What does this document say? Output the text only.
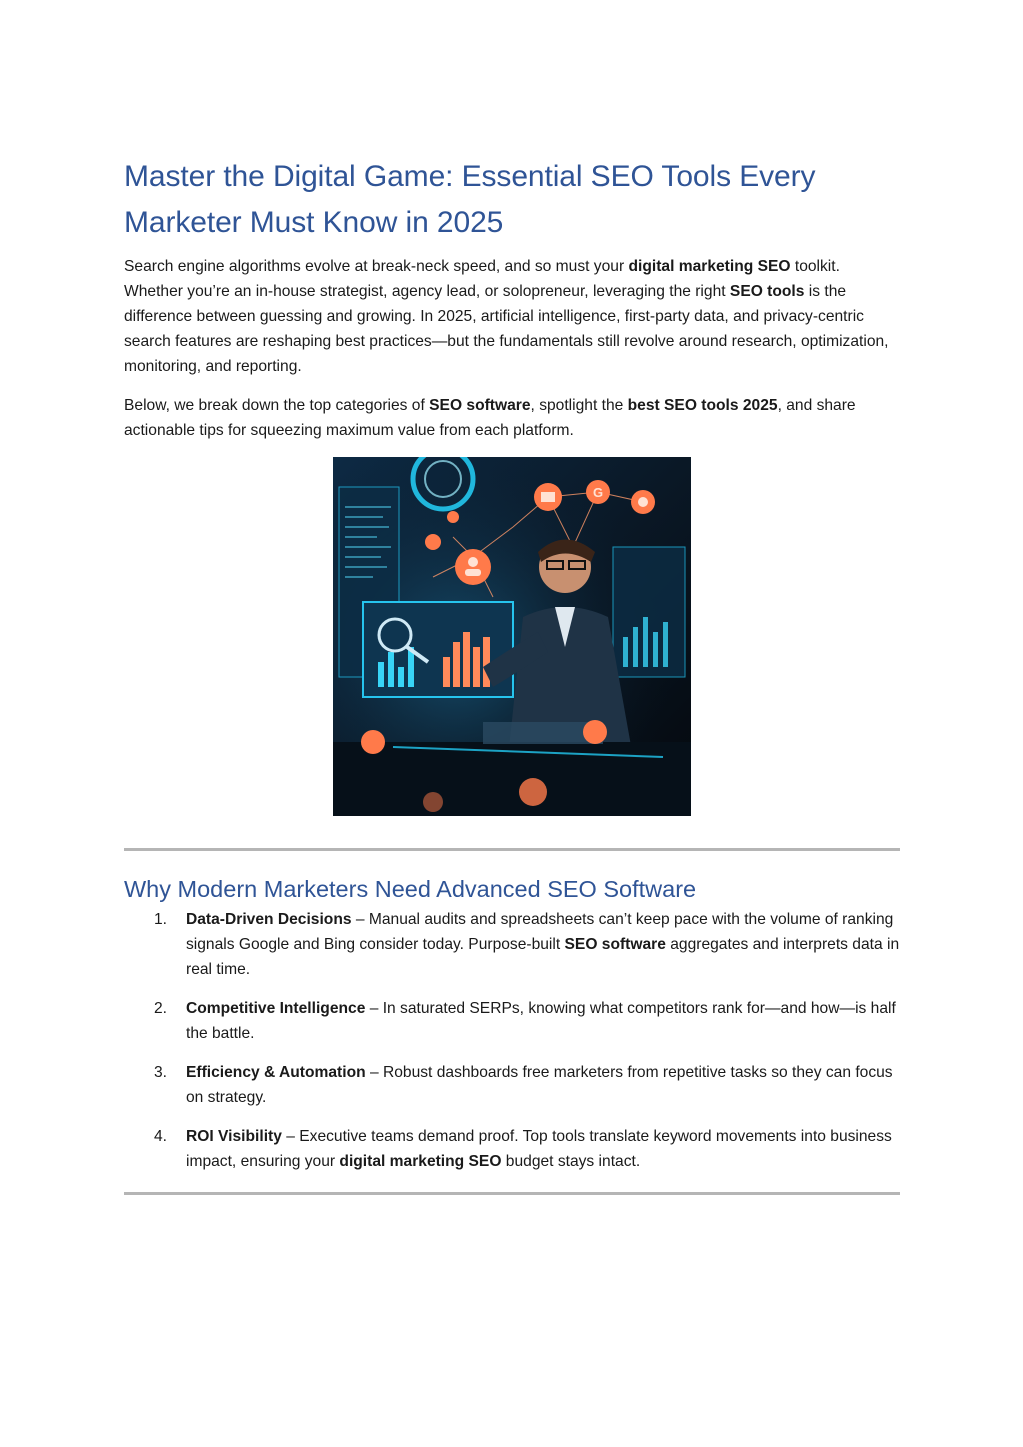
Master the Digital Game: Essential SEO Tools Every Marketer Must Know in 2025

Search engine algorithms evolve at break-neck speed, and so must your digital marketing SEO toolkit. Whether you’re an in-house strategist, agency lead, or solopreneur, leveraging the right SEO tools is the difference between guessing and growing. In 2025, artificial intelligence, first-party data, and privacy-centric search features are reshaping best practices—but the fundamentals still revolve around research, optimization, monitoring, and reporting.

Below, we break down the top categories of SEO software, spotlight the best SEO tools 2025, and share actionable tips for squeezing maximum value from each platform.

G
Why Modern Marketers Need Advanced SEO Software
1. Data-Driven Decisions – Manual audits and spreadsheets can’t keep pace with the volume of ranking signals Google and Bing consider today. Purpose-built SEO software aggregates and interprets data in real time.
2. Competitive Intelligence – In saturated SERPs, knowing what competitors rank for—and how—is half the battle.
3. Efficiency & Automation – Robust dashboards free marketers from repetitive tasks so they can focus on strategy.
4. ROI Visibility – Executive teams demand proof. Top tools translate keyword movements into business impact, ensuring your digital marketing SEO budget stays intact.
